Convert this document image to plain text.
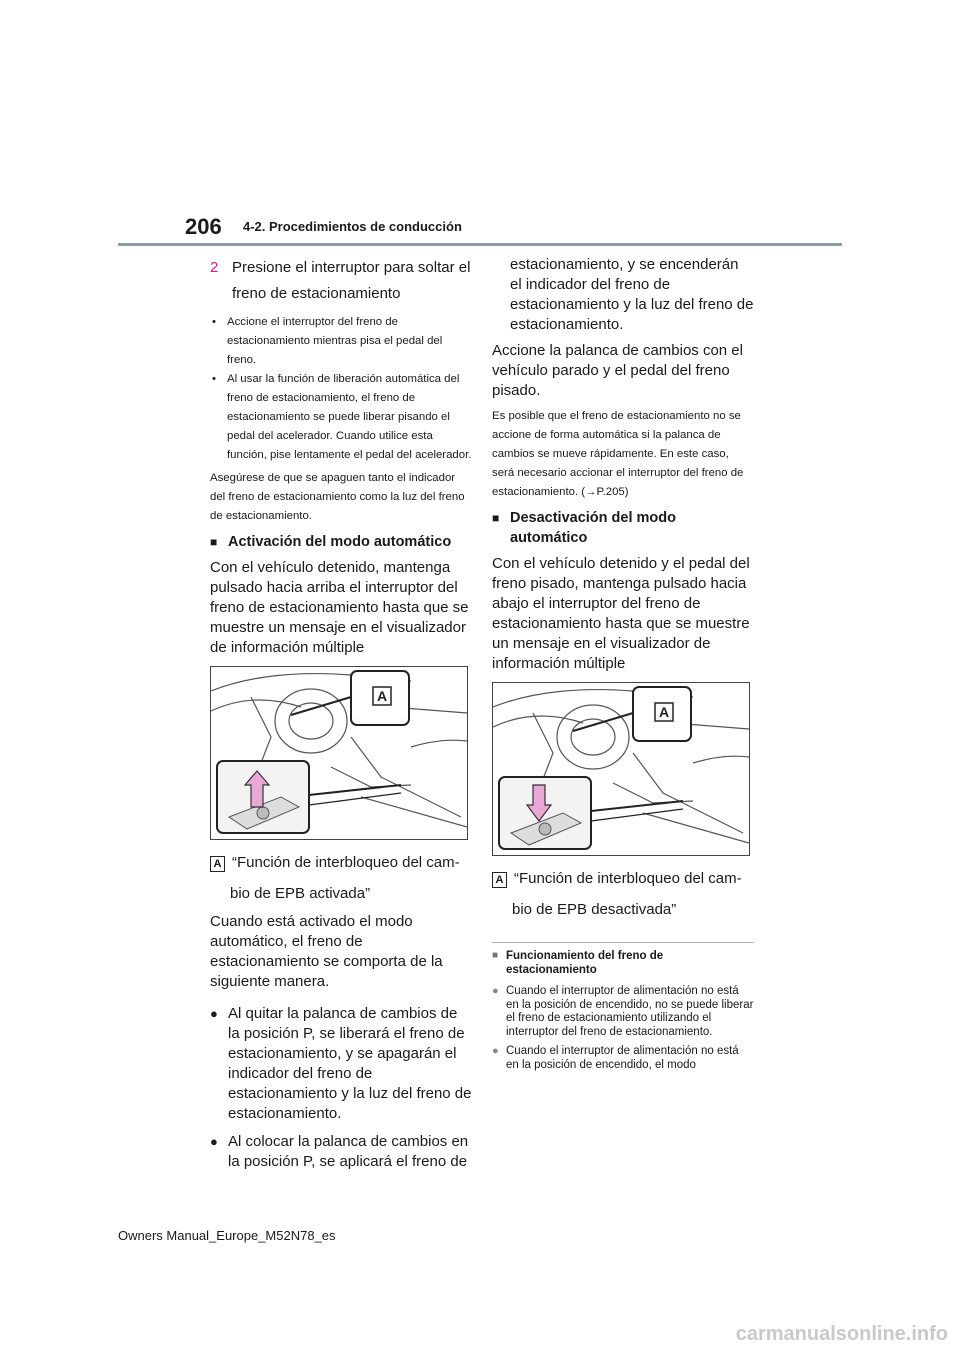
206 4-2. Procedimientos de conducción
2 Presione el interruptor para soltar el freno de estacionamiento
• Accione el interruptor del freno de estacionamiento mientras pisa el pedal del freno.
• Al usar la función de liberación automática del freno de estacionamiento, el freno de estacionamiento se puede liberar pisando el pedal del acelerador. Cuando utilice esta función, pise lentamente el pedal del acelerador.

Asegúrese de que se apaguen tanto el indicador del freno de estacionamiento como la luz del freno de estacionamiento.

■ Activación del modo automático

Con el vehículo detenido, mantenga pulsado hacia arriba el interruptor del freno de estacionamiento hasta que se muestre un mensaje en el visualizador de información múltiple

A
A “Función de interbloqueo del cam-
bio de EPB activada”

Cuando está activado el modo automático, el freno de estacionamiento se comporta de la siguiente manera.

● Al quitar la palanca de cambios de la posición P, se liberará el freno de estacionamiento, y se apagarán el indicador del freno de estacionamiento y la luz del freno de estacionamiento.
● Al colocar la palanca de cambios en la posición P, se aplicará el freno de

estacionamiento, y se encenderán el indicador del freno de estacionamiento y la luz del freno de estacionamiento.

Accione la palanca de cambios con el vehículo parado y el pedal del freno pisado.

Es posible que el freno de estacionamiento no se accione de forma automática si la palanca de cambios se mueve rápidamente. En este caso, será necesario accionar el interruptor del freno de estacionamiento. (→P.205)

■ Desactivación del modo automático

Con el vehículo detenido y el pedal del freno pisado, mantenga pulsado hacia abajo el interruptor del freno de estacionamiento hasta que se muestre un mensaje en el visualizador de información múltiple

A
A “Función de interbloqueo del cam-
bio de EPB desactivada”
■ Funcionamiento del freno de estacionamiento
● Cuando el interruptor de alimentación no está en la posición de encendido, no se puede liberar el freno de estacionamiento utilizando el interruptor del freno de estacionamiento.
● Cuando el interruptor de alimentación no está en la posición de encendido, el modo
Owners Manual_Europe_M52N78_es
carmanualsonline.info
